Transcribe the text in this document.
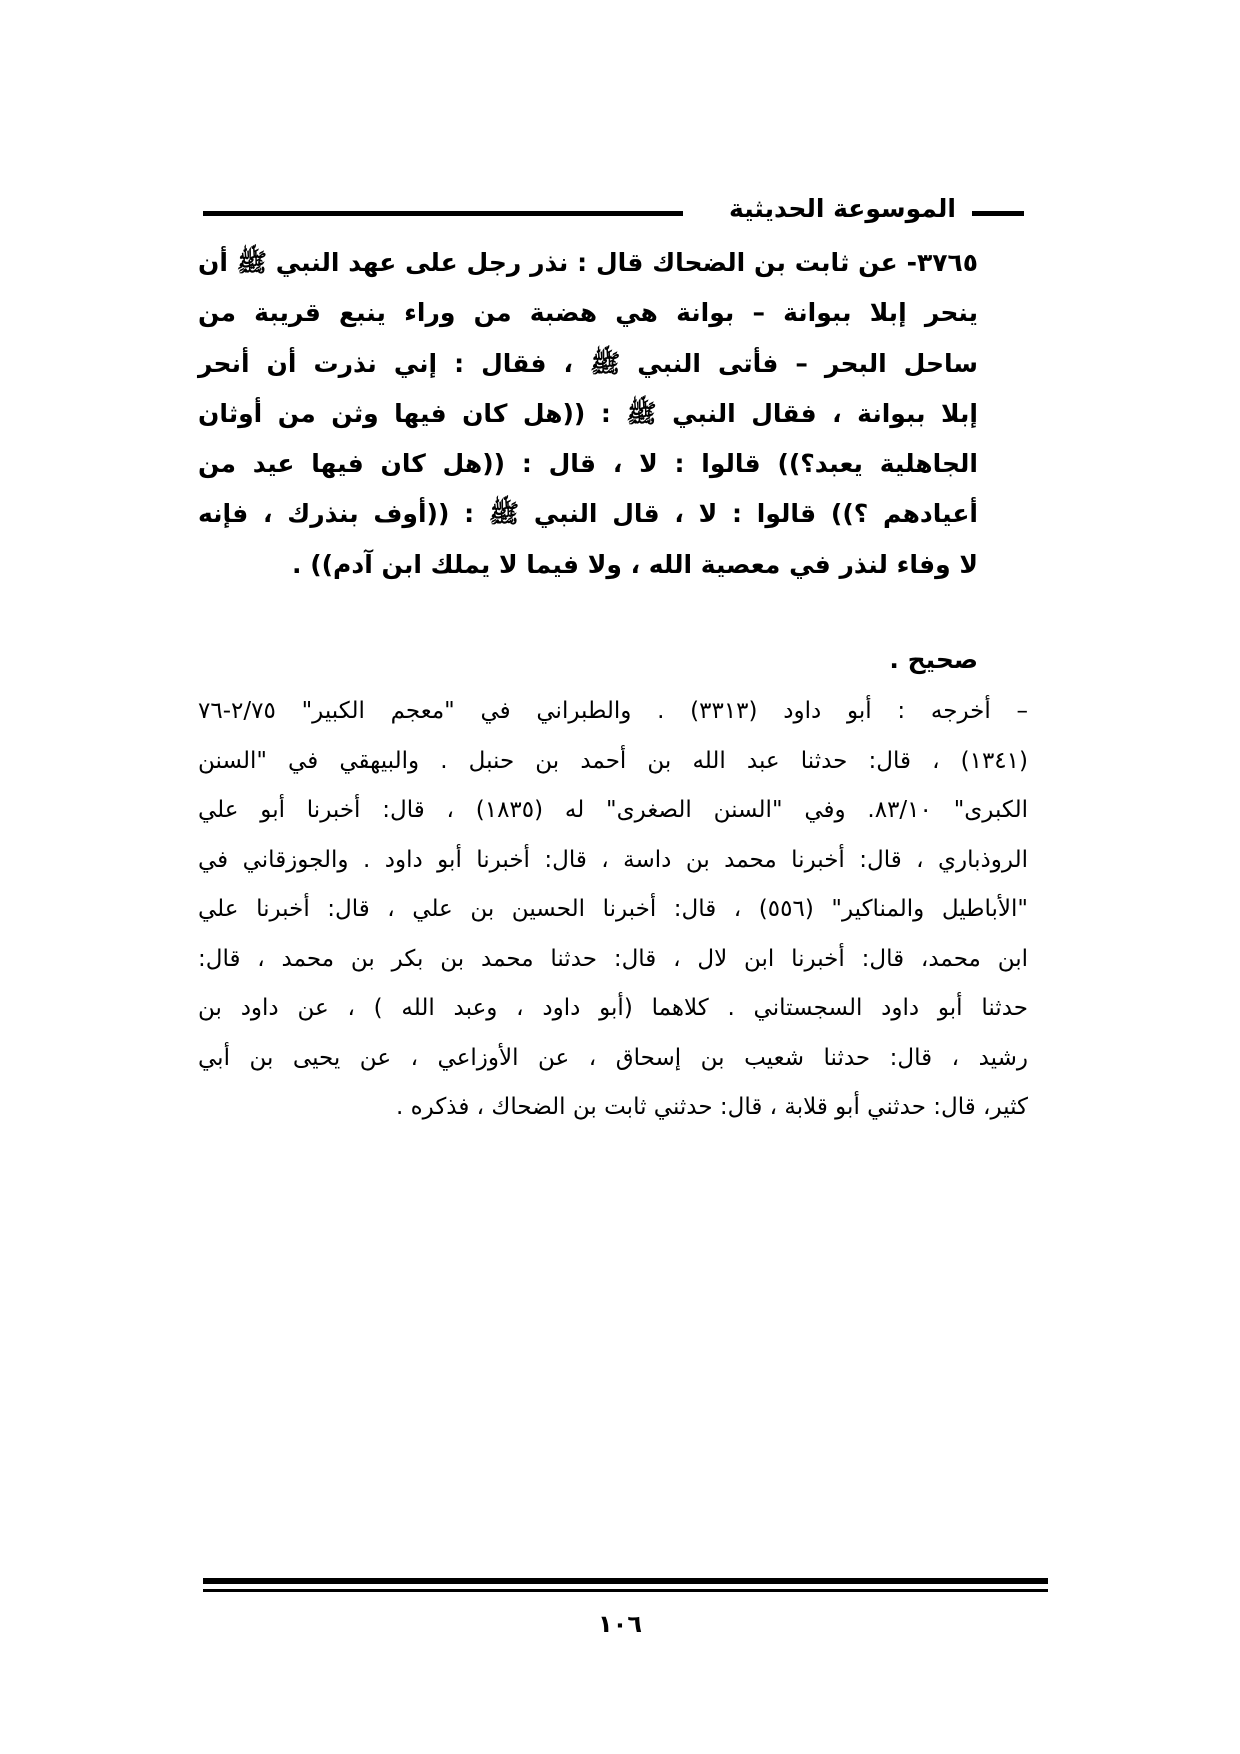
الموسوعة الحديثية
٣٧٦٥- عن ثابت بن الضحاك قال : نذر رجل على عهد النبي ﷺ أن
ينحر إبلا ببوانة – بوانة هي هضبة من وراء ينبع قريبة من
ساحل البحر – فأتى النبي ﷺ ، فقال : إني نذرت أن أنحر
إبلا ببوانة ، فقال النبي ﷺ : ((هل كان فيها وثن من أوثان
الجاهلية يعبد؟)) قالوا : لا ، قال : ((هل كان فيها عيد من
أعيادهم ؟)) قالوا : لا ، قال النبي ﷺ : ((أوف بنذرك ، فإنه
لا وفاء لنذر في معصية الله ، ولا فيما لا يملك ابن آدم)) .
صحيح .
– أخرجه : أبو داود (٣٣١٣) . والطبراني في "معجم الكبير" ٢/٧٥-٧٦
(١٣٤١) ، قال: حدثنا عبد الله بن أحمد بن حنبل . والبيهقي في "السنن
الكبرى" ٨٣/١٠. وفي "السنن الصغرى" له (١٨٣٥) ، قال: أخبرنا أبو علي
الروذباري ، قال: أخبرنا محمد بن داسة ، قال: أخبرنا أبو داود . والجوزقاني في
"الأباطيل والمناكير" (٥٥٦) ، قال: أخبرنا الحسين بن علي ، قال: أخبرنا علي
ابن محمد، قال: أخبرنا ابن لال ، قال: حدثنا محمد بن بكر بن محمد ، قال:
حدثنا أبو داود السجستاني . كلاهما (أبو داود ، وعبد الله ) ، عن داود بن
رشيد ، قال: حدثنا شعيب بن إسحاق ، عن الأوزاعي ، عن يحيى بن أبي
كثير، قال: حدثني أبو قلابة ، قال: حدثني ثابت بن الضحاك ، فذكره .
١٠٦
